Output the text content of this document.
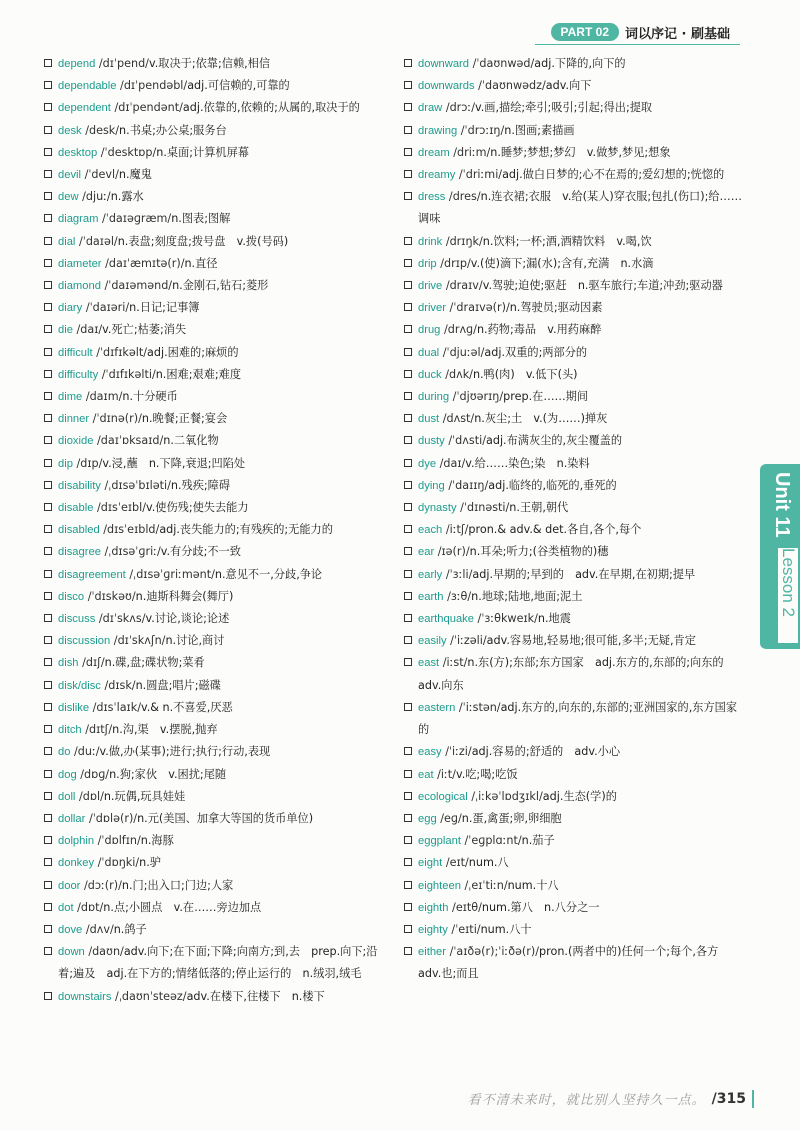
PART 02	词以序记 · 刷基础
depend /dɪˈpend/v.取决于;依靠;信赖,相信
dependable /dɪˈpendəbl/adj.可信赖的,可靠的
dependent /dɪˈpendənt/adj.依靠的,依赖的;从属的,取决于的
desk /desk/n.书桌;办公桌;服务台
desktop /ˈdesktɒp/n.桌面;计算机屏幕
devil /ˈdevl/n.魔鬼
dew /djuː/n.露水
diagram /ˈdaɪəɡræm/n.图表;图解
dial /ˈdaɪəl/n.表盘;刻度盘;拨号盘　v.拨(号码)
diameter /daɪˈæmɪtə(r)/n.直径
diamond /ˈdaɪəmənd/n.金刚石,钻石;菱形
diary /ˈdaɪəri/n.日记;记事簿
die /daɪ/v.死亡;枯萎;消失
difficult /ˈdɪfɪkəlt/adj.困难的;麻烦的
difficulty /ˈdɪfɪkəlti/n.困难;艰难;难度
dime /daɪm/n.十分硬币
dinner /ˈdɪnə(r)/n.晚餐;正餐;宴会
dioxide /daɪˈɒksaɪd/n.二氧化物
dip /dɪp/v.浸,蘸　n.下降,衰退;凹陷处
disability /ˌdɪsəˈbɪləti/n.残疾;障碍
disable /dɪsˈeɪbl/v.使伤残;使失去能力
disabled /dɪsˈeɪbld/adj.丧失能力的;有残疾的;无能力的
disagree /ˌdɪsəˈɡriː/v.有分歧;不一致
disagreement /ˌdɪsəˈɡriːmənt/n.意见不一,分歧,争论
disco /ˈdɪskəʊ/n.迪斯科舞会(舞厅)
discuss /dɪˈskʌs/v.讨论,谈论;论述
discussion /dɪˈskʌʃn/n.讨论,商讨
dish /dɪʃ/n.碟,盘;碟状物;菜肴
disk/disc /dɪsk/n.圆盘;唱片;磁碟
dislike /dɪsˈlaɪk/v.& n.不喜爱,厌恶
ditch /dɪtʃ/n.沟,渠　v.摆脱,抛弃
do /duː/v.做,办(某事);进行;执行;行动,表现
dog /dɒɡ/n.狗;家伙　v.困扰;尾随
doll /dɒl/n.玩偶,玩具娃娃
dollar /ˈdɒlə(r)/n.元(美国、加拿大等国的货币单位)
dolphin /ˈdɒlfɪn/n.海豚
donkey /ˈdɒŋki/n.驴
door /dɔː(r)/n.门;出入口;门边;人家
dot /dɒt/n.点;小圆点　v.在……旁边加点
dove /dʌv/n.鸽子
down /daʊn/adv.向下;在下面;下降;向南方;到,去　prep.向下;沿着;遍及　adj.在下方的;情绪低落的;停止运行的　n.绒羽,绒毛
downstairs /ˌdaʊnˈsteəz/adv.在楼下,往楼下　n.楼下
downward /ˈdaʊnwəd/adj.下降的,向下的
downwards /ˈdaʊnwədz/adv.向下
draw /drɔː/v.画,描绘;牵引;吸引;引起;得出;提取
drawing /ˈdrɔːɪŋ/n.图画;素描画
dream /driːm/n.睡梦;梦想;梦幻　v.做梦,梦见;想象
dreamy /ˈdriːmi/adj.做白日梦的;心不在焉的;爱幻想的;恍惚的
dress /dres/n.连衣裙;衣服　v.给(某人)穿衣服;包扎(伤口);给……调味
drink /drɪŋk/n.饮料;一杯;酒,酒精饮料　v.喝,饮
drip /drɪp/v.(使)滴下;漏(水);含有,充满　n.水滴
drive /draɪv/v.驾驶;迫使;驱赶　n.驱车旅行;车道;冲劲;驱动器
driver /ˈdraɪvə(r)/n.驾驶员;驱动因素
drug /drʌɡ/n.药物;毒品　v.用药麻醉
dual /ˈdjuːəl/adj.双重的;两部分的
duck /dʌk/n.鸭(肉)　v.低下(头)
during /ˈdjʊərɪŋ/prep.在……期间
dust /dʌst/n.灰尘;土　v.(为……)掸灰
dusty /ˈdʌsti/adj.布满灰尘的,灰尘覆盖的
dye /daɪ/v.给……染色;染　n.染料
dying /ˈdaɪɪŋ/adj.临终的,临死的,垂死的
dynasty /ˈdɪnəsti/n.王朝,朝代
each /iːtʃ/pron.& adv.& det.各自,各个,每个
ear /ɪə(r)/n.耳朵;听力;(谷类植物的)穗
early /ˈɜːli/adj.早期的;早到的　adv.在早期,在初期;提早
earth /ɜːθ/n.地球;陆地,地面;泥土
earthquake /ˈɜːθkweɪk/n.地震
easily /ˈiːzəli/adv.容易地,轻易地;很可能,多半;无疑,肯定
east /iːst/n.东(方);东部;东方国家　adj.东方的,东部的;向东的　adv.向东
eastern /ˈiːstən/adj.东方的,向东的,东部的;亚洲国家的,东方国家的
easy /ˈiːzi/adj.容易的;舒适的　adv.小心
eat /iːt/v.吃;喝;吃饭
ecological /ˌiːkəˈlɒdʒɪkl/adj.生态(学)的
egg /eɡ/n.蛋,禽蛋;卵,卵细胞
eggplant /ˈeɡplɑːnt/n.茄子
eight /eɪt/num.八
eighteen /ˌeɪˈtiːn/num.十八
eighth /eɪtθ/num.第八　n.八分之一
eighty /ˈeɪti/num.八十
either /ˈaɪðə(r);ˈiːðə(r)/pron.(两者中的)任何一个;每个,各方　adv.也;而且
Unit 11
Lesson 2
看不清未来时，就比别人坚持久一点。 /315
